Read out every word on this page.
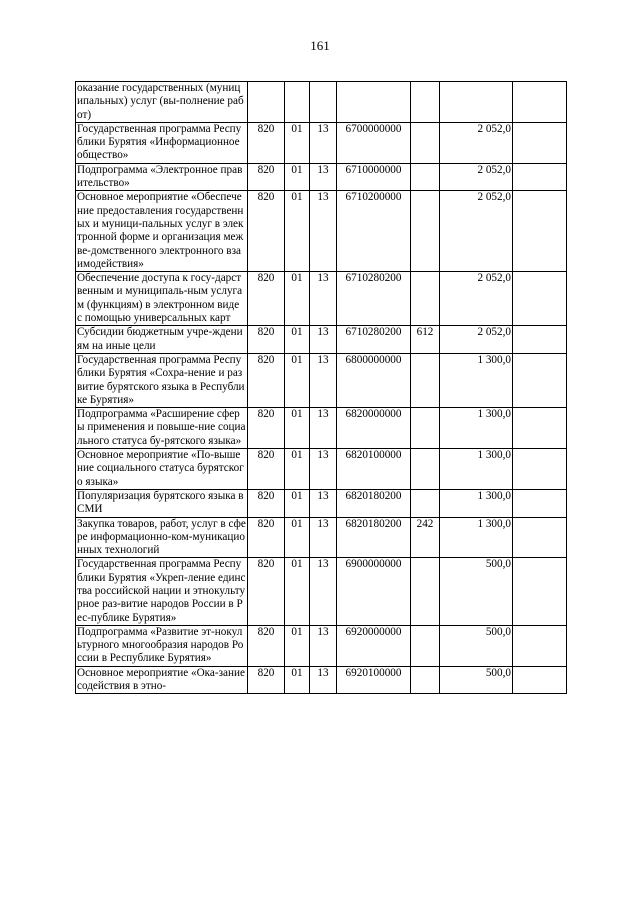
161
оказание государственных (муниципальных) услуг (вы-полнение работ)							
Государственная программа Республики Бурятия «Информационное общество»	820	01	13	6700000000		2 052,0	
Подпрограмма «Электронное правительство»	820	01	13	6710000000		2 052,0	
Основное мероприятие «Обеспечение предоставления государственных и муници-пальных услуг в электронной форме и организация межве-домственного электронного взаимодействия»	820	01	13	6710200000		2 052,0	
Обеспечение доступа к госу-дарственным и муниципаль-ным услугам (функциям) в электронном виде с помощью универсальных карт	820	01	13	6710280200		2 052,0	
Субсидии бюджетным учре-ждениям на иные цели	820	01	13	6710280200	612	2 052,0	
Государственная программа Республики Бурятия «Сохра-нение и развитие бурятского языка в Республике Бурятия»	820	01	13	6800000000		1 300,0	
Подпрограмма «Расширение сферы применения и повыше-ние социального статуса бу-рятского языка»	820	01	13	6820000000		1 300,0	
Основное мероприятие «По-вышение социального статуса бурятского языка»	820	01	13	6820100000		1 300,0	
Популяризация бурятского языка в СМИ	820	01	13	6820180200		1 300,0	
Закупка товаров, работ, услуг в сфере информационно-ком-муникационных технологий	820	01	13	6820180200	242	1 300,0	
Государственная программа Республики Бурятия «Укреп-ление единства российской нации и этнокультурное раз-витие народов России в Рес-публике Бурятия»	820	01	13	6900000000		500,0	
Подпрограмма «Развитие эт-нокультурного многообразия народов России в Республике Бурятия»	820	01	13	6920000000		500,0	
Основное мероприятие «Ока-зание содействия в этно-	820	01	13	6920100000		500,0	
